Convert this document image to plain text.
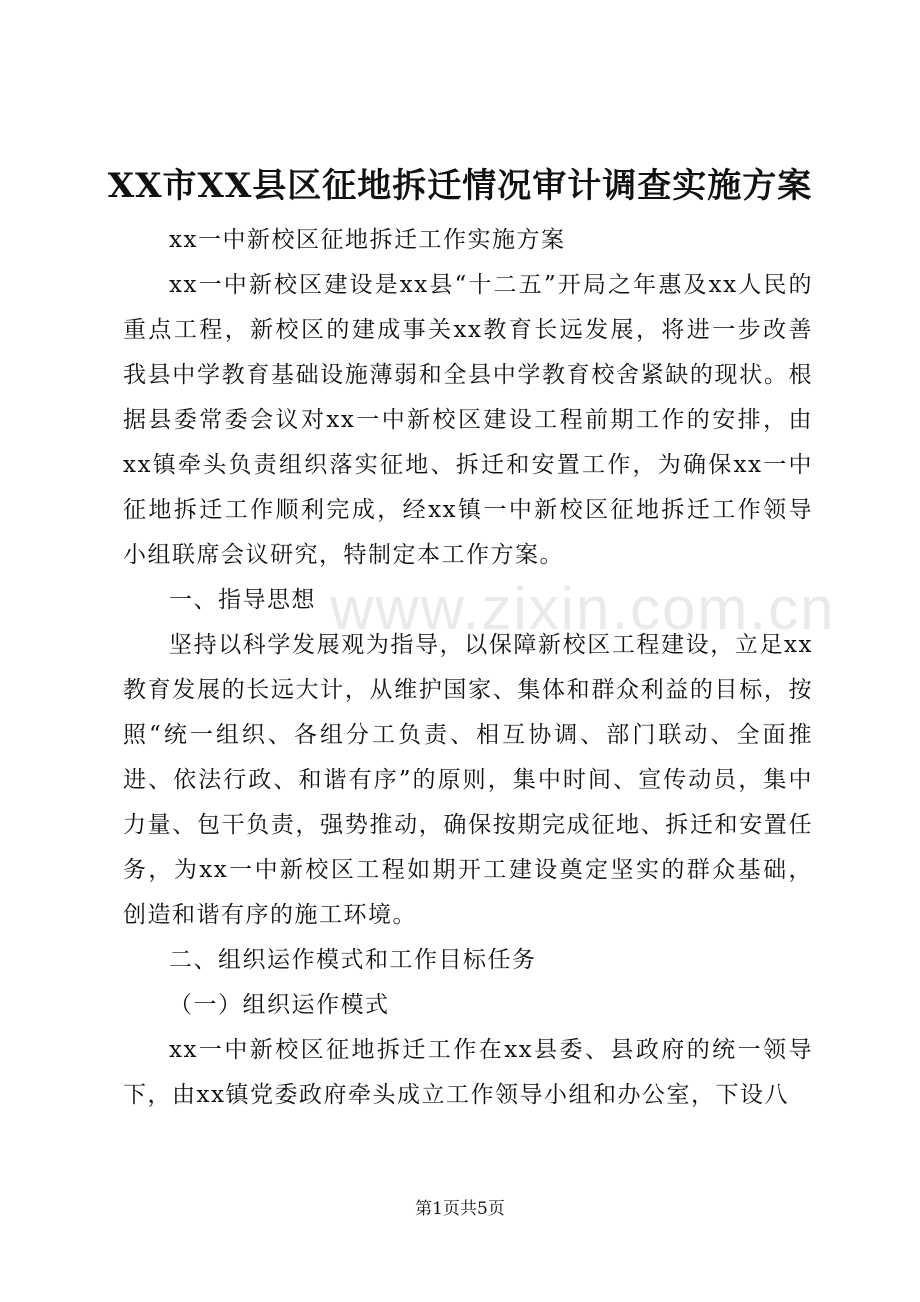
XX市XX县区征地拆迁情况审计调查实施方案

xx一中新校区征地拆迁工作实施方案

xx一中新校区建设是xx县“十二五”开局之年惠及xx人民的重点工程，新校区的建成事关xx教育长远发展，将进一步改善我县中学教育基础设施薄弱和全县中学教育校舍紧缺的现状。根据县委常委会议对xx一中新校区建设工程前期工作的安排，由xx镇牵头负责组织落实征地、拆迁和安置工作，为确保xx一中征地拆迁工作顺利完成，经xx镇一中新校区征地拆迁工作领导小组联席会议研究，特制定本工作方案。

一、指导思想

坚持以科学发展观为指导，以保障新校区工程建设，立足xx教育发展的长远大计，从维护国家、集体和群众利益的目标，按照“统一组织、各组分工负责、相互协调、部门联动、全面推进、依法行政、和谐有序”的原则，集中时间、宣传动员，集中力量、包干负责，强势推动，确保按期完成征地、拆迁和安置任务，为xx一中新校区工程如期开工建设奠定坚实的群众基础，创造和谐有序的施工环境。

二、组织运作模式和工作目标任务

（一）组织运作模式

xx一中新校区征地拆迁工作在xx县委、县政府的统一领导下，由xx镇党委政府牵头成立工作领导小组和办公室，下设八

www.zixin.com.cn
第1页共5页
